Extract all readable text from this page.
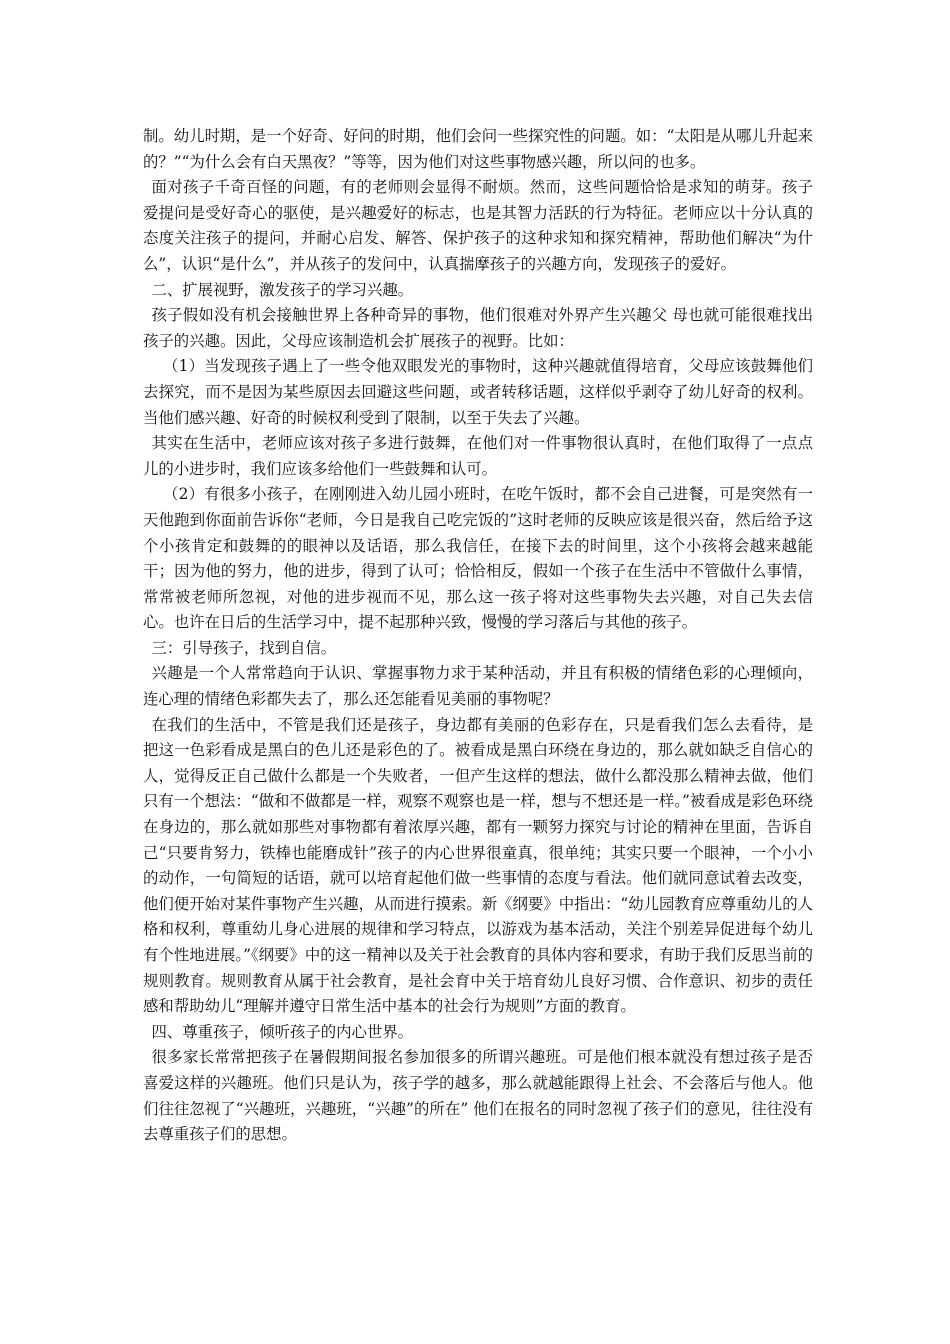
制。幼儿时期，是一个好奇、好问的时期，他们会问一些探究性的问题。如：“太阳是从哪儿升起来的？”“为什么会有白天黑夜？”等等，因为他们对这些事物感兴趣，所以问的也多。

面对孩子千奇百怪的问题，有的老师则会显得不耐烦。然而，这些问题恰恰是求知的萌芽。孩子爱提问是受好奇心的驱使，是兴趣爱好的标志，也是其智力活跃的行为特征。老师应以十分认真的态度关注孩子的提问，并耐心启发、解答、保护孩子的这种求知和探究精神，帮助他们解决“为什么”，认识“是什么”，并从孩子的发问中，认真揣摩孩子的兴趣方向，发现孩子的爱好。

二、扩展视野，激发孩子的学习兴趣。

孩子假如没有机会接触世界上各种奇异的事物，他们很难对外界产生兴趣父 母也就可能很难找出孩子的兴趣。因此，父母应该制造机会扩展孩子的视野。比如：

（1）当发现孩子遇上了一些令他双眼发光的事物时，这种兴趣就值得培育，父母应该鼓舞他们去探究，而不是因为某些原因去回避这些问题，或者转移话题，这样似乎剥夺了幼儿好奇的权利。当他们感兴趣、好奇的时候权利受到了限制，以至于失去了兴趣。

其实在生活中，老师应该对孩子多进行鼓舞，在他们对一件事物很认真时，在他们取得了一点点儿的小进步时，我们应该多给他们一些鼓舞和认可。

（2）有很多小孩子，在刚刚进入幼儿园小班时，在吃午饭时，都不会自己进餐，可是突然有一天他跑到你面前告诉你“老师，今日是我自己吃完饭的”这时老师的反映应该是很兴奋，然后给予这个小孩肯定和鼓舞的的眼神以及话语，那么我信任，在接下去的时间里，这个小孩将会越来越能干；因为他的努力，他的进步，得到了认可；恰恰相反，假如一个孩子在生活中不管做什么事情，常常被老师所忽视，对他的进步视而不见，那么这一孩子将对这些事物失去兴趣，对自己失去信心。也许在日后的生活学习中，提不起那种兴致，慢慢的学习落后与其他的孩子。

三：引导孩子，找到自信。

兴趣是一个人常常趋向于认识、掌握事物力求于某种活动，并且有积极的情绪色彩的心理倾向，连心理的情绪色彩都失去了，那么还怎能看见美丽的事物呢？

在我们的生活中，不管是我们还是孩子，身边都有美丽的色彩存在，只是看我们怎么去看待，是把这一色彩看成是黑白的色儿还是彩色的了。被看成是黑白环绕在身边的，那么就如缺乏自信心的人，觉得反正自己做什么都是一个失败者，一但产生这样的想法，做什么都没那么精神去做，他们只有一个想法：“做和不做都是一样，观察不观察也是一样，想与不想还是一样。”被看成是彩色环绕在身边的，那么就如那些对事物都有着浓厚兴趣，都有一颗努力探究与讨论的精神在里面，告诉自己“只要肯努力，铁棒也能磨成针”孩子的内心世界很童真，很单纯；其实只要一个眼神，一个小小的动作，一句简短的话语，就可以培育起他们做一些事情的态度与看法。他们就同意试着去改变，他们便开始对某件事物产生兴趣，从而进行摸索。新《纲要》中指出：“幼儿园教育应尊重幼儿的人格和权利，尊重幼儿身心进展的规律和学习特点，以游戏为基本活动，关注个别差异促进每个幼儿有个性地进展。”《纲要》中的这一精神以及关于社会教育的具体内容和要求，有助于我们反思当前的规则教育。规则教育从属于社会教育，是社会育中关于培育幼儿良好习惯、合作意识、初步的责任感和帮助幼儿“理解并遵守日常生活中基本的社会行为规则”方面的教育。

四、尊重孩子，倾听孩子的内心世界。

很多家长常常把孩子在暑假期间报名参加很多的所谓兴趣班。可是他们根本就没有想过孩子是否喜爱这样的兴趣班。他们只是认为，孩子学的越多，那么就越能跟得上社会、不会落后与他人。他们往往忽视了“兴趣班，兴趣班，“兴趣”的所在” 他们在报名的同时忽视了孩子们的意见，往往没有去尊重孩子们的思想。
